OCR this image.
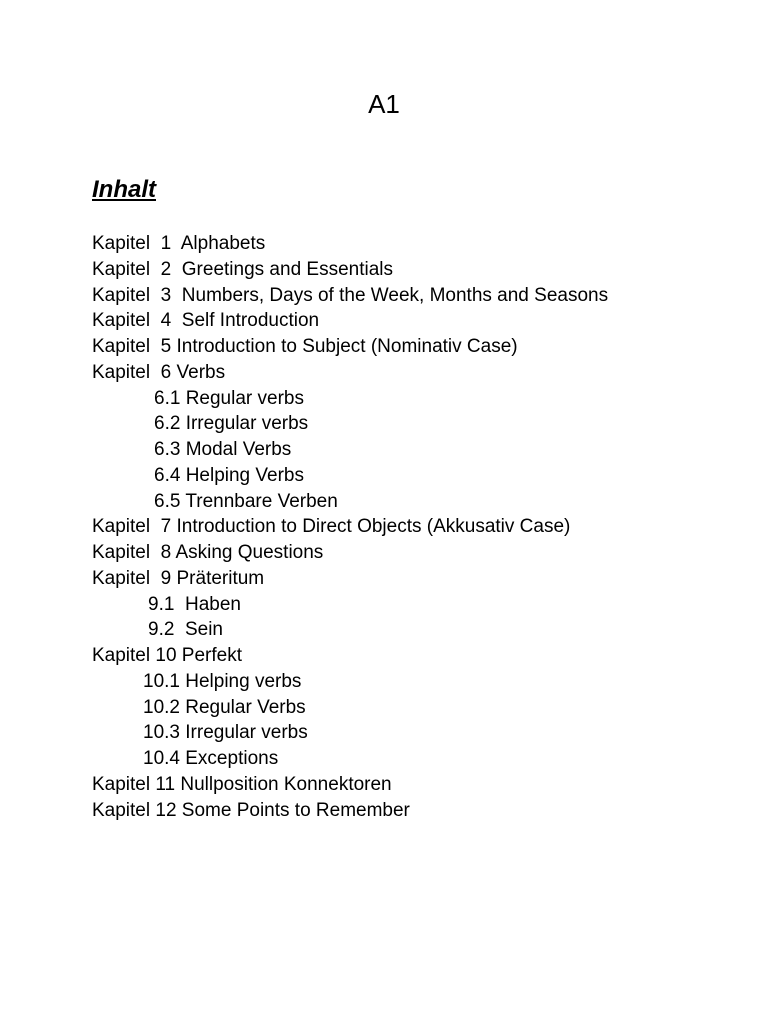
A1
Inhalt
Kapitel  1  Alphabets
Kapitel  2  Greetings and Essentials
Kapitel  3  Numbers, Days of the Week, Months and Seasons
Kapitel  4  Self Introduction
Kapitel  5 Introduction to Subject (Nominativ Case)
Kapitel  6 Verbs
6.1 Regular verbs
6.2 Irregular verbs
6.3 Modal Verbs
6.4 Helping Verbs
6.5 Trennbare Verben
Kapitel  7 Introduction to Direct Objects (Akkusativ Case)
Kapitel  8 Asking Questions
Kapitel  9 Präteritum
9.1  Haben
9.2  Sein
Kapitel 10 Perfekt
10.1 Helping verbs
10.2 Regular Verbs
10.3 Irregular verbs
10.4 Exceptions
Kapitel 11 Nullposition Konnektoren
Kapitel 12 Some Points to Remember
